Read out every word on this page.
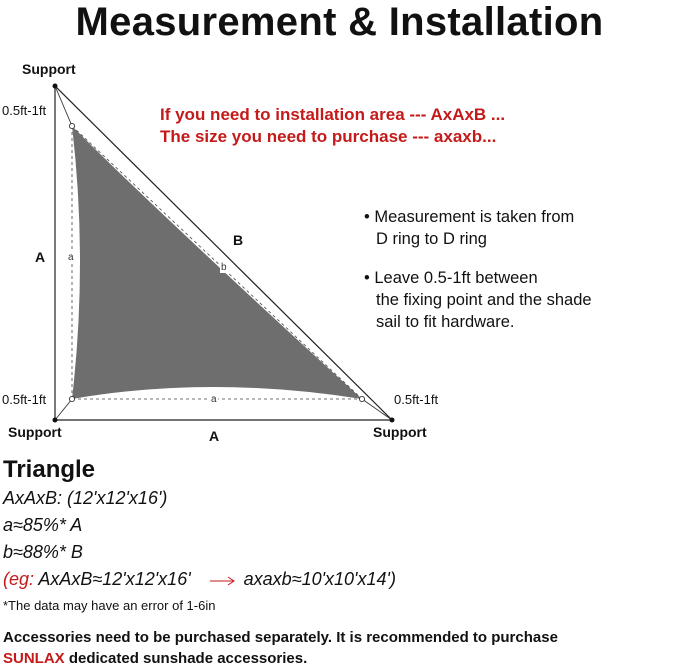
Measurement & Installation
If you need to installation area --- AxAxB ...
The size you need to purchase --- axaxb...
Support
Support	Support
0.5ft-1ft
0.5ft-1ft	0.5ft-1ft
A
A
B
a
a
b
• Measurement is taken from
D ring to D ring
• Leave 0.5-1ft between
the fixing point and the shade
sail to fit hardware.
Triangle
AxAxB: (12'x12'x16')
a≈85%* A
b≈88%* B
(eg: AxAxB≈12'x12'x16'	axaxb≈10'x10'x14')
*The data may have an error of 1-6in
Accessories need to be purchased separately. It is recommended to purchase
SUNLAX dedicated sunshade accessories.
